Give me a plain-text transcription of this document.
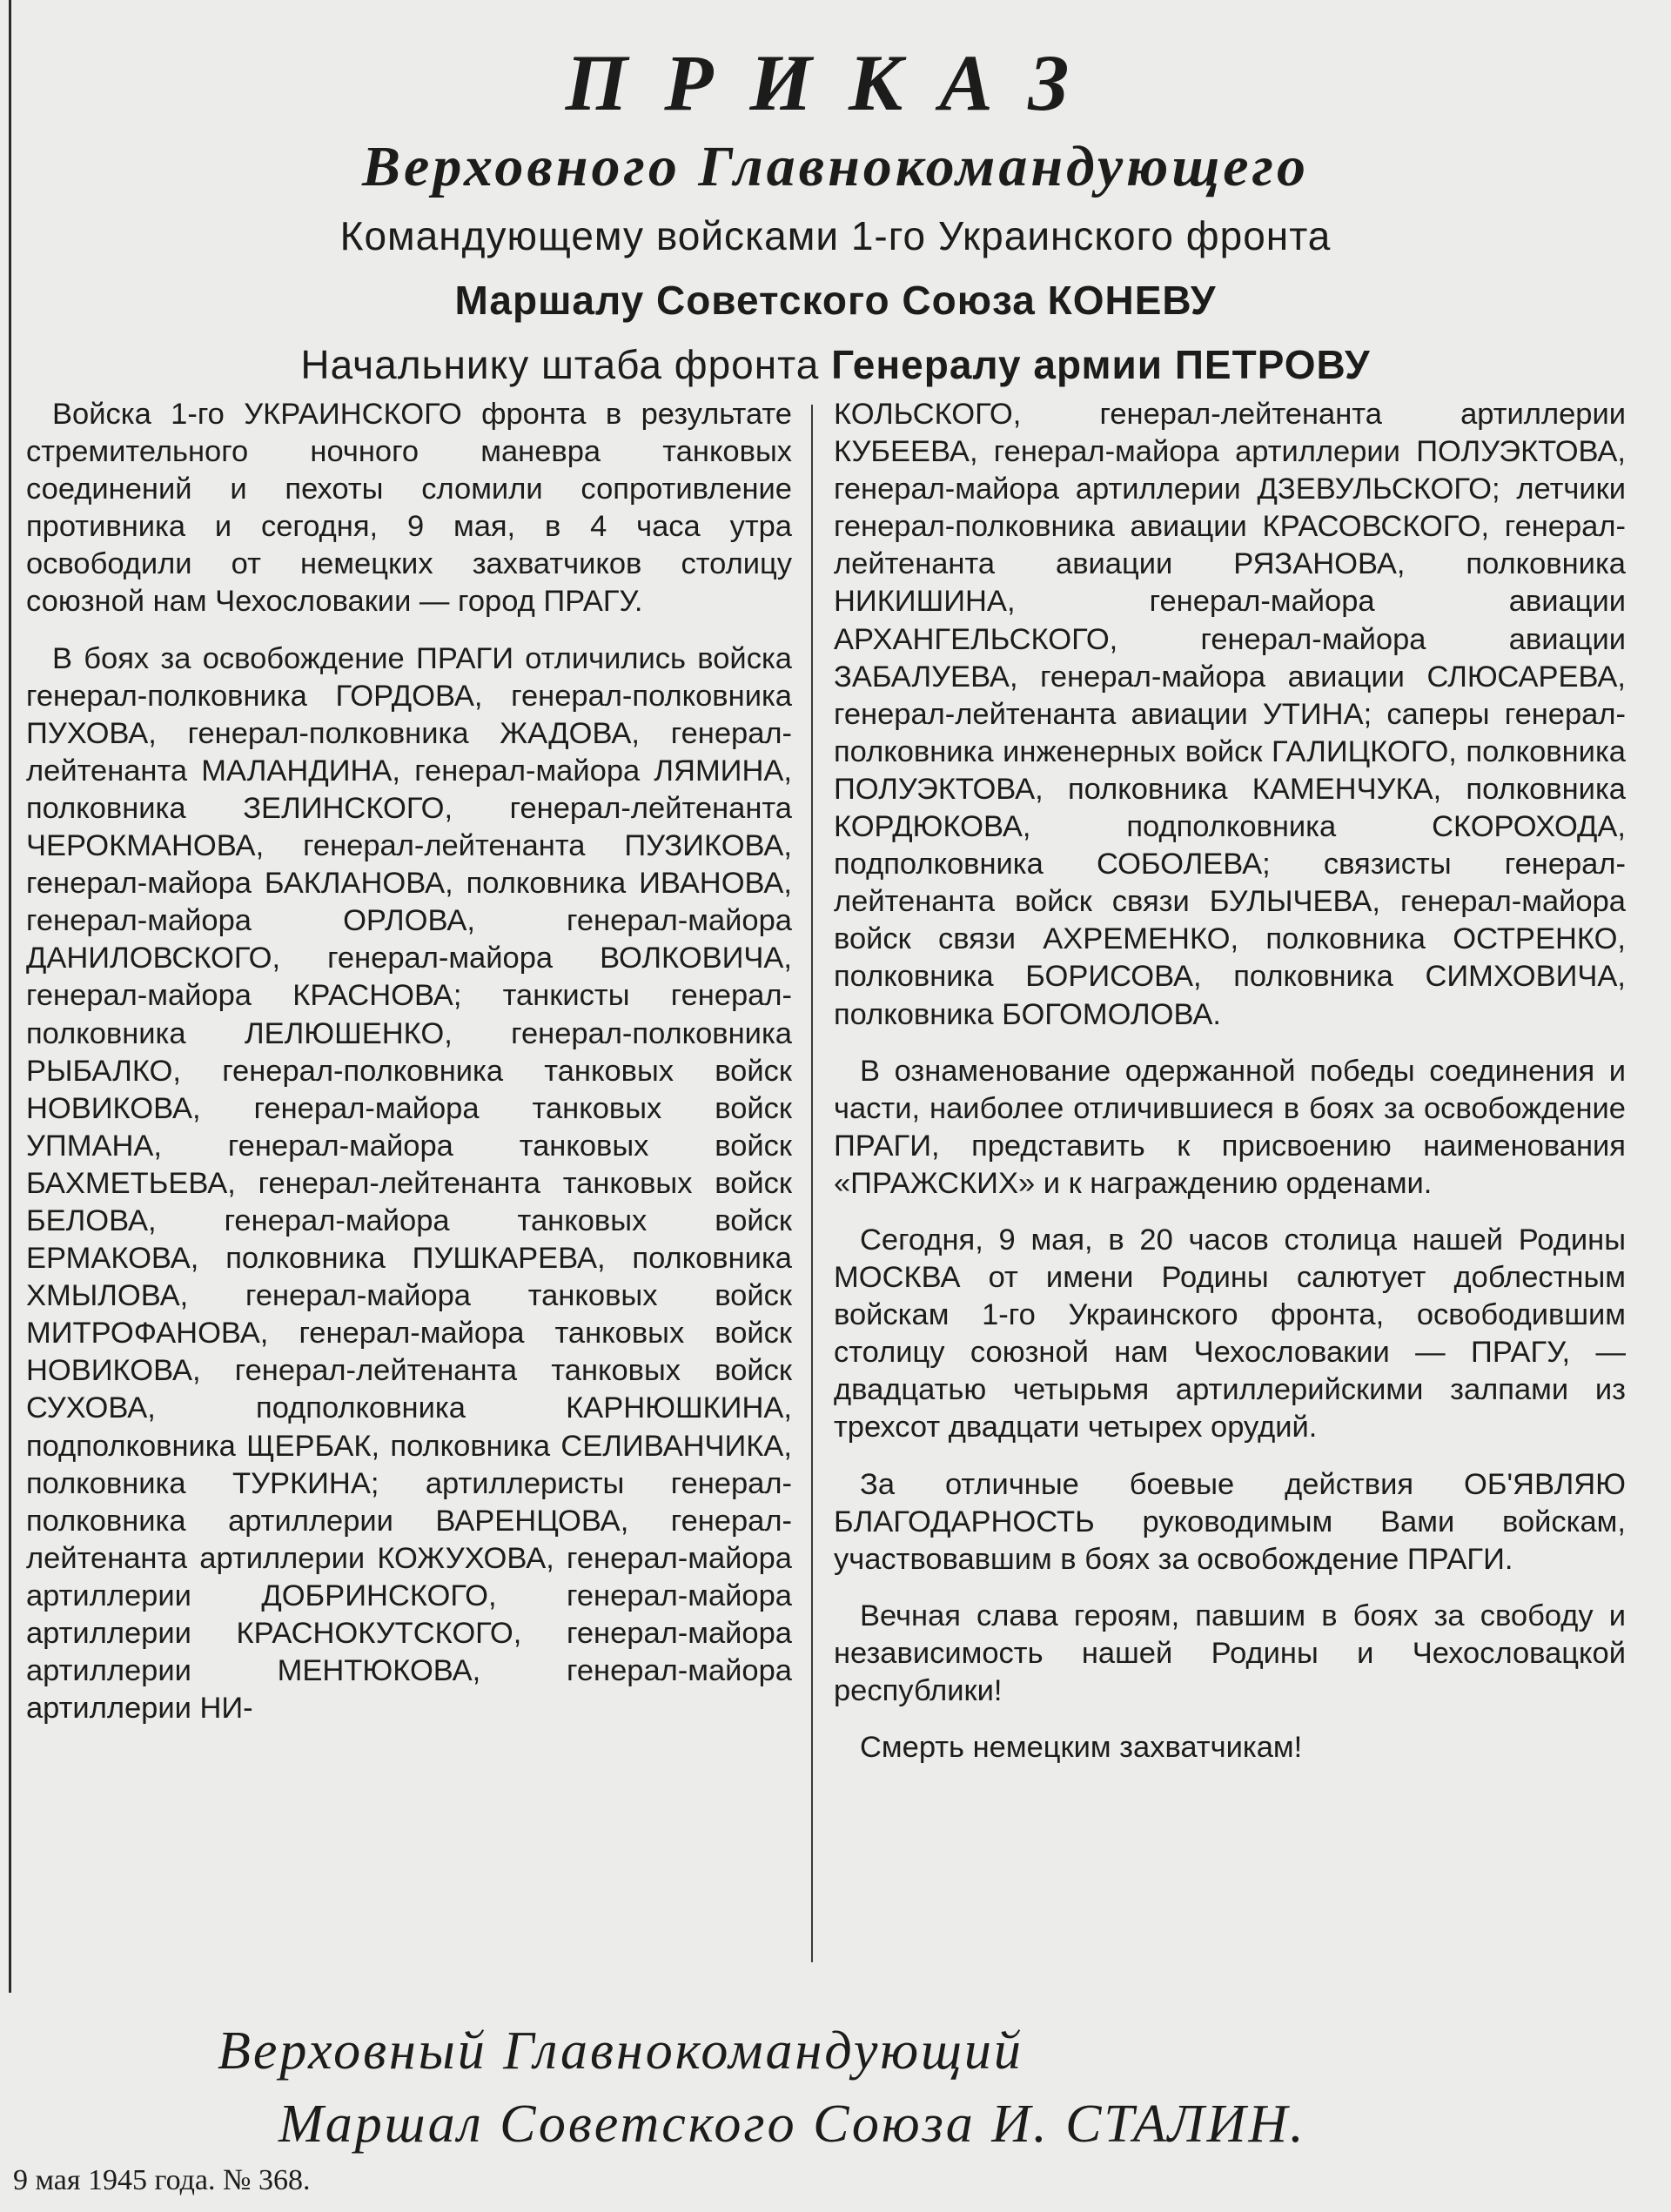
ПРИКАЗ

Верховного Главнокомандующего

Командующему войсками 1-го Украинского фронта

Маршалу Советского Союза КОНЕВУ

Начальнику штаба фронта Генералу армии ПЕТРОВУ

Войска 1-го УКРАИНСКОГО фронта в результате стремительного ночного маневра танковых соединений и пехоты сломили сопротивление противника и сегодня, 9 мая, в 4 часа утра освободили от немецких захватчиков столицу союзной нам Чехословакии — город ПРАГУ.

В боях за освобождение ПРАГИ отличились войска генерал-полковника ГОРДОВА, генерал-полковника ПУХОВА, генерал-полковника ЖАДОВА, генерал-лейтенанта МАЛАНДИНА, генерал-майора ЛЯМИНА, полковника ЗЕЛИНСКОГО, генерал-лейтенанта ЧЕРОКМАНОВА, генерал-лейтенанта ПУЗИКОВА, генерал-майора БАКЛАНОВА, полковника ИВАНОВА, генерал-майора ОРЛОВА, генерал-майора ДАНИЛОВСКОГО, генерал-майора ВОЛКОВИЧА, генерал-майора КРАСНОВА; танкисты генерал-полковника ЛЕЛЮШЕНКО, генерал-полковника РЫБАЛКО, генерал-полковника танковых войск НОВИКОВА, генерал-майора танковых войск УПМАНА, генерал-майора танковых войск БАХМЕТЬЕВА, генерал-лейтенанта танковых войск БЕЛОВА, генерал-майора танковых войск ЕРМАКОВА, полковника ПУШКАРЕВА, полковника ХМЫЛОВА, генерал-майора танковых войск МИТРОФАНОВА, генерал-майора танковых войск НОВИКОВА, генерал-лейтенанта танковых войск СУХОВА, подполковника КАРНЮШКИНА, подполковника ЩЕРБАК, полковника СЕЛИВАНЧИКА, полковника ТУРКИНА; артиллеристы генерал-полковника артиллерии ВАРЕНЦОВА, генерал-лейтенанта артиллерии КОЖУХОВА, генерал-майора артиллерии ДОБРИНСКОГО, генерал-майора артиллерии КРАСНОКУТСКОГО, генерал-майора артиллерии МЕНТЮКОВА, генерал-майора артиллерии НИ-

КОЛЬСКОГО, генерал-лейтенанта артиллерии КУБЕЕВА, генерал-майора артиллерии ПОЛУЭКТОВА, генерал-майора артиллерии ДЗЕВУЛЬСКОГО; летчики генерал-полковника авиации КРАСОВСКОГО, генерал-лейтенанта авиации РЯЗАНОВА, полковника НИКИШИНА, генерал-майора авиации АРХАНГЕЛЬСКОГО, генерал-майора авиации ЗАБАЛУЕВА, генерал-майора авиации СЛЮСАРЕВА, генерал-лейтенанта авиации УТИНА; саперы генерал-полковника инженерных войск ГАЛИЦКОГО, полковника ПОЛУЭКТОВА, полковника КАМЕНЧУКА, полковника КОРДЮКОВА, подполковника СКОРОХОДА, подполковника СОБОЛЕВА; связисты генерал-лейтенанта войск связи БУЛЫЧЕВА, генерал-майора войск связи АХРЕМЕНКО, полковника ОСТРЕНКО, полковника БОРИСОВА, полковника СИМХОВИЧА, полковника БОГОМОЛОВА.

В ознаменование одержанной победы соединения и части, наиболее отличившиеся в боях за освобождение ПРАГИ, представить к присвоению наименования «ПРАЖСКИХ» и к награждению орденами.

Сегодня, 9 мая, в 20 часов столица нашей Родины МОСКВА от имени Родины салютует доблестным войскам 1-го Украинского фронта, освободившим столицу союзной нам Чехословакии — ПРАГУ, — двадцатью четырьмя артиллерийскими залпами из трехсот двадцати четырех орудий.

За отличные боевые действия ОБ'ЯВЛЯЮ БЛАГОДАРНОСТЬ руководимым Вами войскам, участвовавшим в боях за освобождение ПРАГИ.

Вечная слава героям, павшим в боях за свободу и независимость нашей Родины и Чехословацкой республики!

Смерть немецким захватчикам!

Верховный Главнокомандующий

Маршал Советского Союза И. СТАЛИН.

9 мая 1945 года. № 368.
